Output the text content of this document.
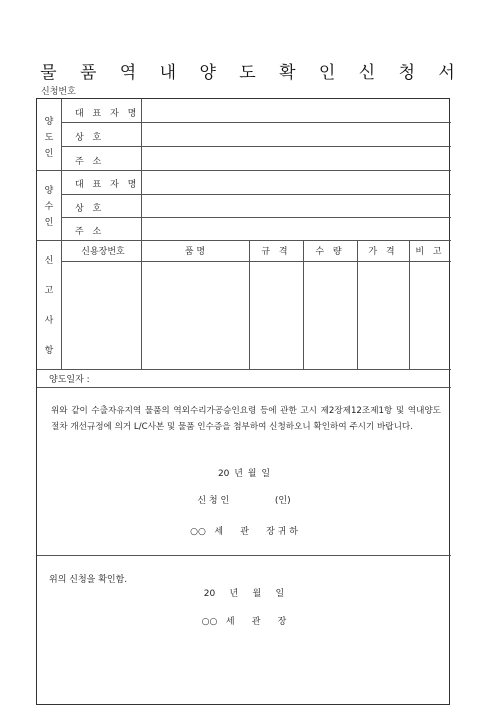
물 품 역 내 양 도 확 인 신 청 서
신청번호
양
도
인
대 표 자 명
상 호
주 소
양
수
인
대 표 자 명
상 호
주 소
신
고
사
항
신용장번호	품 명	규 격	수 량	가 격	비 고
양도일자 :
위와 같이 수출자유지역 물품의 역외수리가공승인요령 등에 관한 고시 제2장제12조제1항 및 역내양도 절차 개선규정에 의거 L/C사본 및 물품 인수증을 첨부하여 신청하오니 확인하여 주시기 바랍니다.
20 년 월 일
신 청 인                (인)
○○   세      관      장 귀 하
위의 신청을 확인함.
20     년     월     일
○○   세      관      장
